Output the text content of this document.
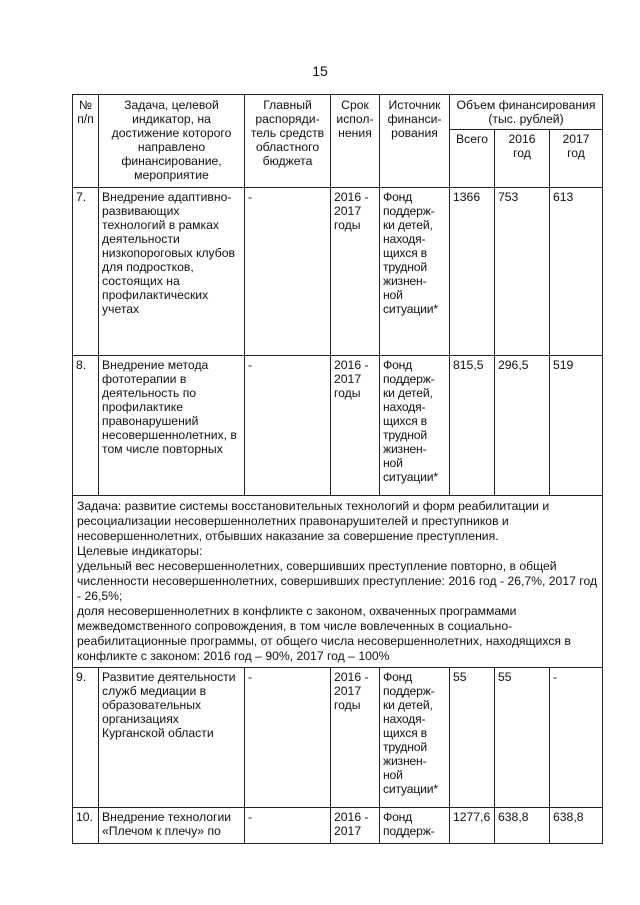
15
№
п/п	Задача, целевой индикатор, на достижение которого направлено финансирование, мероприятие	Главный распоряди-тель средств областного бюджета	Срок испол-нения	Источник финанси-рования	Объем финансирования (тыс. рублей)		
					Всего	2016 год	2017 год
7.	Внедрение адаптивно-развивающих технологий в рамках деятельности низкопороговых клубов для подростков, состоящих на профилактических учетах	-	2016 - 2017 годы	Фонд поддерж-ки детей, находя-щихся в трудной жизнен-ной ситуации*	1366	753	613
8.	Внедрение метода фототерапии в деятельность по профилактике правонарушений несовершеннолетних, в том числе повторных	-	2016 - 2017 годы	Фонд поддерж-ки детей, находя-щихся в трудной жизнен-ной ситуации*	815,5	296,5	519

Задача: развитие системы восстановительных технологий и форм реабилитации и ресоциализации несовершеннолетних правонарушителей и преступников и несовершеннолетних, отбывших наказание за совершение преступления.
Целевые индикаторы:
удельный вес несовершеннолетних, совершивших преступление повторно, в общей численности несовершеннолетних, совершивших преступление: 2016 год - 26,7%, 2017 год - 26,5%;
доля несовершеннолетних в конфликте с законом, охваченных программами межведомственного сопровождения, в том числе вовлеченных в социально-реабилитационные программы, от общего числа несовершеннолетних, находящихся в конфликте с законом: 2016 год – 90%, 2017 год – 100%							

9.	Развитие деятельности служб медиации в образовательных организациях Курганской области	-	2016 - 2017 годы	Фонд поддерж-ки детей, находя-щихся в трудной жизнен-ной ситуации*	55	55	-
10.	Внедрение технологии «Плечом к плечу» по	-	2016 - 2017	Фонд поддерж-	1277,6	638,8	638,8
